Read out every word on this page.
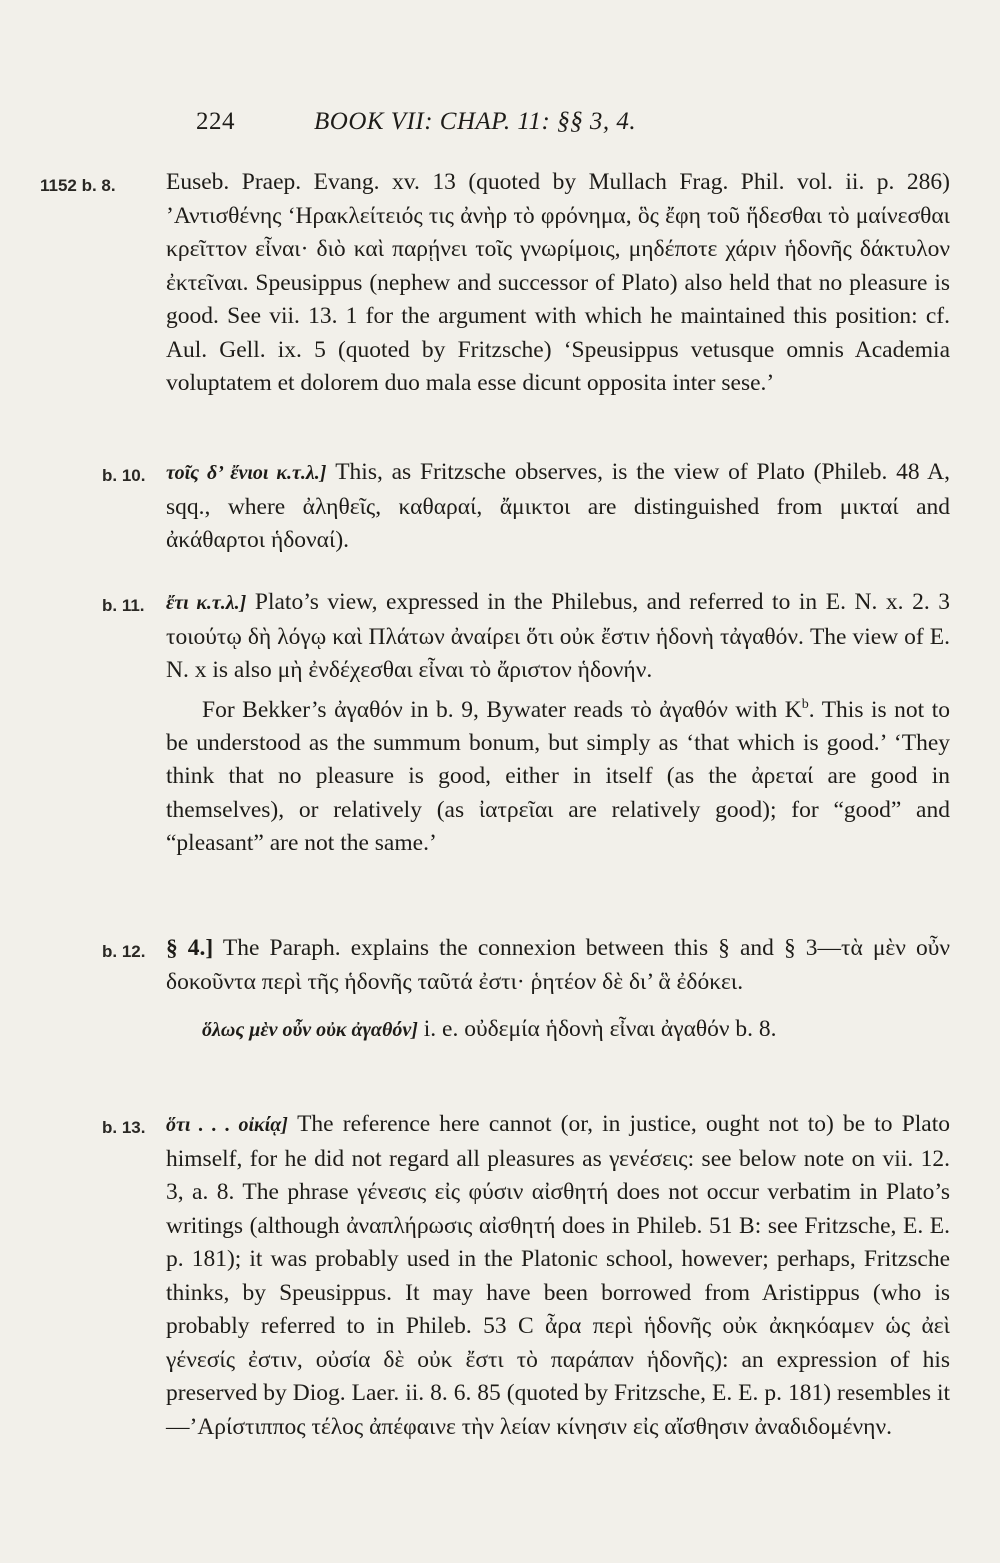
224	BOOK VII: CHAP. 11: §§ 3, 4.
1152 b. 8. Euseb. Praep. Evang. xv. 13 (quoted by Mullach Frag. Phil. vol. ii. p. 286) ’Αντισθένης ‘Ηρακλείτειός τις ἀνὴρ τὸ φρόνημα, ὃς ἔφη τοῦ ἥδεσθαι τὸ μαίνεσθαι κρεῖττον εἶναι· διὸ καὶ παρῄνει τοῖς γνωρίμοις, μηδέποτε χάριν ἡδονῆς δάκτυλον ἐκτεῖναι. Speusippus (nephew and successor of Plato) also held that no pleasure is good. See vii. 13. 1 for the argument with which he maintained this position: cf. Aul. Gell. ix. 5 (quoted by Fritzsche) ‘Speusippus vetusque omnis Academia voluptatem et dolorem duo mala esse dicunt opposita inter sese.’

b. 10. τοῖς δ’ ἔνιοι κ.τ.λ.] This, as Fritzsche observes, is the view of Plato (Phileb. 48 A, sqq., where ἀληθεῖς, καθαραί, ἄμικτοι are distinguished from μικταί and ἀκάθαρτοι ἡδοναί).

b. 11. ἔτι κ.τ.λ.] Plato’s view, expressed in the Philebus, and referred to in E. N. x. 2. 3 τοιούτῳ δὴ λόγῳ καὶ Πλάτων ἀναίρει ὅτι οὐκ ἔστιν ἡδονὴ τἀγαθόν. The view of E. N. x is also μὴ ἐνδέχεσθαι εἶναι τὸ ἄριστον ἡδονήν.

For Bekker’s ἀγαθόν in b. 9, Bywater reads τὸ ἀγαθόν with $K^b$. This is not to be understood as the summum bonum, but simply as ‘that which is good.’ ‘They think that no pleasure is good, either in itself (as the ἀρεταί are good in themselves), or relatively (as ἰατρεῖαι are relatively good); for “good” and “pleasant” are not the same.’

b. 12. § 4.] The Paraph. explains the connexion between this § and § 3—τὰ μὲν οὖν δοκοῦντα περὶ τῆς ἡδονῆς ταῦτά ἐστι· ῥητέον δὲ δι’ ἃ ἐδόκει.

ὅλως μὲν οὖν οὐκ ἀγαθόν] i. e. οὐδεμία ἡδονὴ εἶναι ἀγαθόν b. 8.

b. 13. ὅτι . . . οἰκίᾳ] The reference here cannot (or, in justice, ought not to) be to Plato himself, for he did not regard all pleasures as γενέσεις: see below note on vii. 12. 3, a. 8. The phrase γένεσις εἰς φύσιν αἰσθητή does not occur verbatim in Plato’s writings (although ἀναπλήρωσις αἰσθητή does in Phileb. 51 B: see Fritzsche, E. E. p. 181); it was probably used in the Platonic school, however; perhaps, Fritzsche thinks, by Speusippus. It may have been borrowed from Aristippus (who is probably referred to in Phileb. 53 C ἆρα περὶ ἡδονῆς οὐκ ἀκηκόαμεν ὡς ἀεὶ γένεσίς ἐστιν, οὐσία δὲ οὐκ ἔστι τὸ παράπαν ἡδονῆς): an expression of his preserved by Diog. Laer. ii. 8. 6. 85 (quoted by Fritzsche, E. E. p. 181) resembles it—’Αρίστιππος τέλος ἀπέφαινε τὴν λείαν κίνησιν εἰς αἴσθησιν ἀναδιδομένην.
